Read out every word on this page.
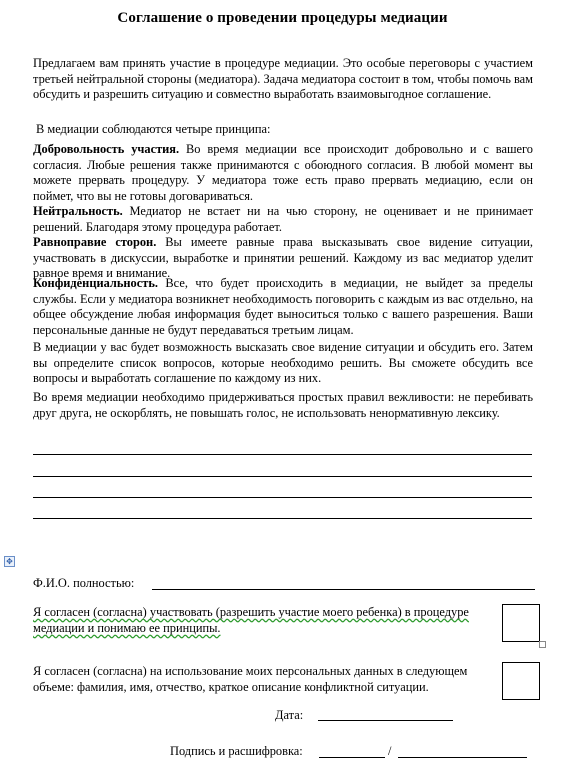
Соглашение о проведении процедуры медиации
Предлагаем вам принять участие в процедуре медиации. Это особые переговоры с участием третьей нейтральной стороны (медиатора). Задача медиатора состоит в том, чтобы помочь вам обсудить и разрешить ситуацию и совместно выработать взаимовыгодное соглашение.
В медиации соблюдаются четыре принципа:
Добровольность участия. Во время медиации все происходит добровольно и с вашего согласия. Любые решения также принимаются с обоюдного согласия. В любой момент вы можете прервать процедуру. У медиатора тоже есть право прервать медиацию, если он поймет, что вы не готовы договариваться.
Нейтральность. Медиатор не встает ни на чью сторону, не оценивает и не принимает решений. Благодаря этому процедура работает.
Равноправие сторон. Вы имеете равные права высказывать свое видение ситуации, участвовать в дискуссии, выработке и принятии решений. Каждому из вас медиатор уделит равное время и внимание.
Конфиденциальность. Все, что будет происходить в медиации, не выйдет за пределы службы. Если у медиатора возникнет необходимость поговорить с каждым из вас отдельно, на общее обсуждение любая информация будет выноситься только с вашего разрешения. Ваши персональные данные не будут передаваться третьим лицам.
В медиации у вас будет возможность высказать свое видение ситуации и обсудить его. Затем вы определите список вопросов, которые необходимо решить. Вы сможете обсудить все вопросы и выработать соглашение по каждому из них.
Во время медиации необходимо придерживаться простых правил вежливости: не перебивать друг друга, не оскорблять, не повышать голос, не использовать ненормативную лексику.
✥
Ф.И.О. полностью:
Я согласен (согласна) участвовать (разрешить участие моего ребенка) в процедуре медиации и понимаю ее принципы.
Я согласен (согласна) на использование моих персональных данных в следующем объеме: фамилия, имя, отчество, краткое описание конфликтной ситуации.
Дата:
Подпись и расшифровка:	/
